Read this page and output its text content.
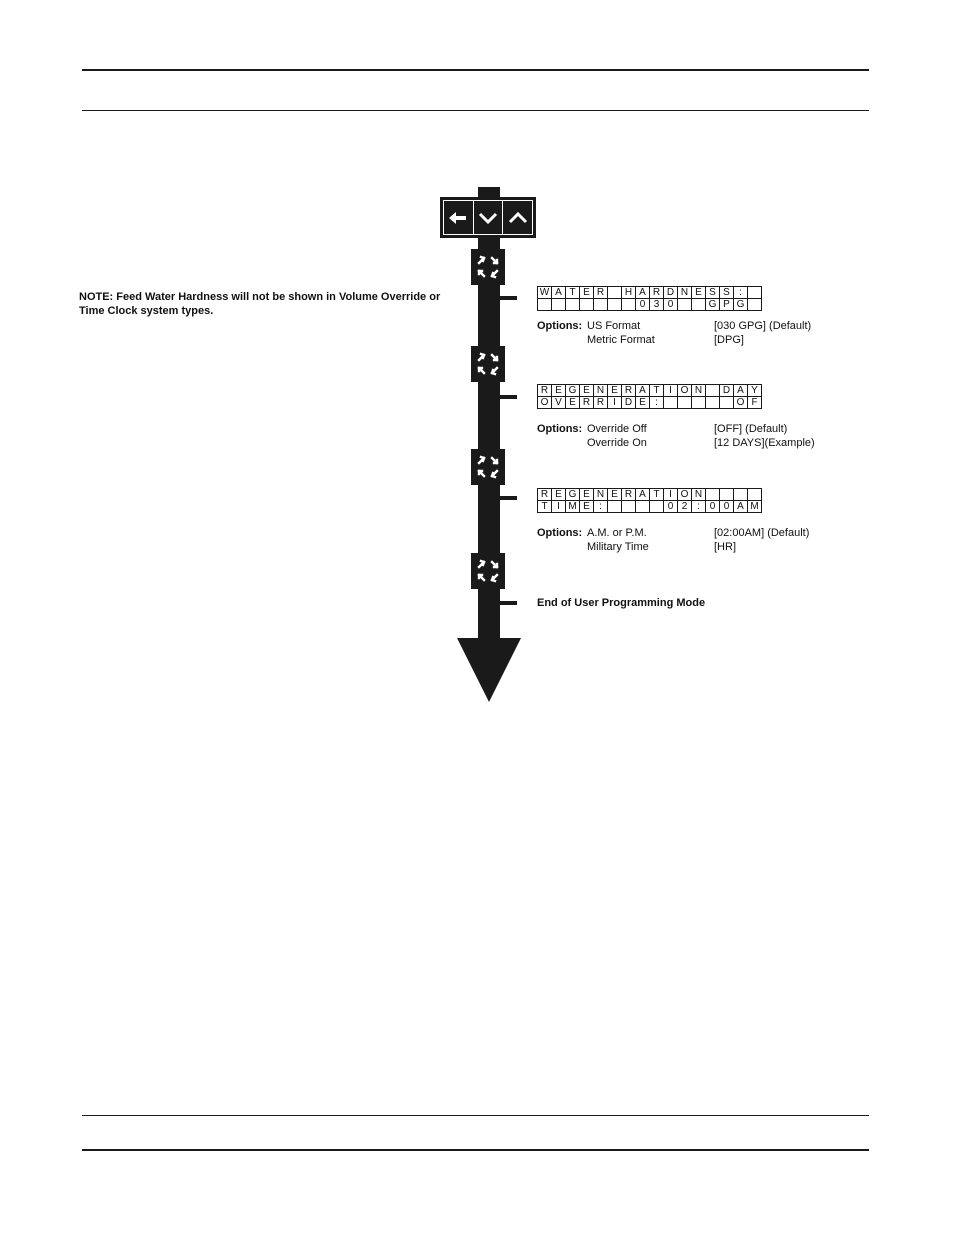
NOTE: Feed Water Hardness will not be shown in Volume Override or Time Clock system types.
W	A	T	E	R		H	A	R	D	N	E	S	S	:	
							0	3	0			G	P	G	
R	E	G	E	N	E	R	A	T	I	O	N		D	A	Y
O	V	E	R	R	I	D	E	:						O	F
R	E	G	E	N	E	R	A	T	I	O	N				
T	I	M	E	:					0	2	:	0	0	A	M
Options: US Format	[030 GPG] (Default)
Metric Format	[DPG]
Options: Override Off	[OFF] (Default)
Override On	[12 DAYS](Example)
Options: A.M. or P.M.	[02:00AM] (Default)
Military Time	[HR]
End of User Programming Mode
